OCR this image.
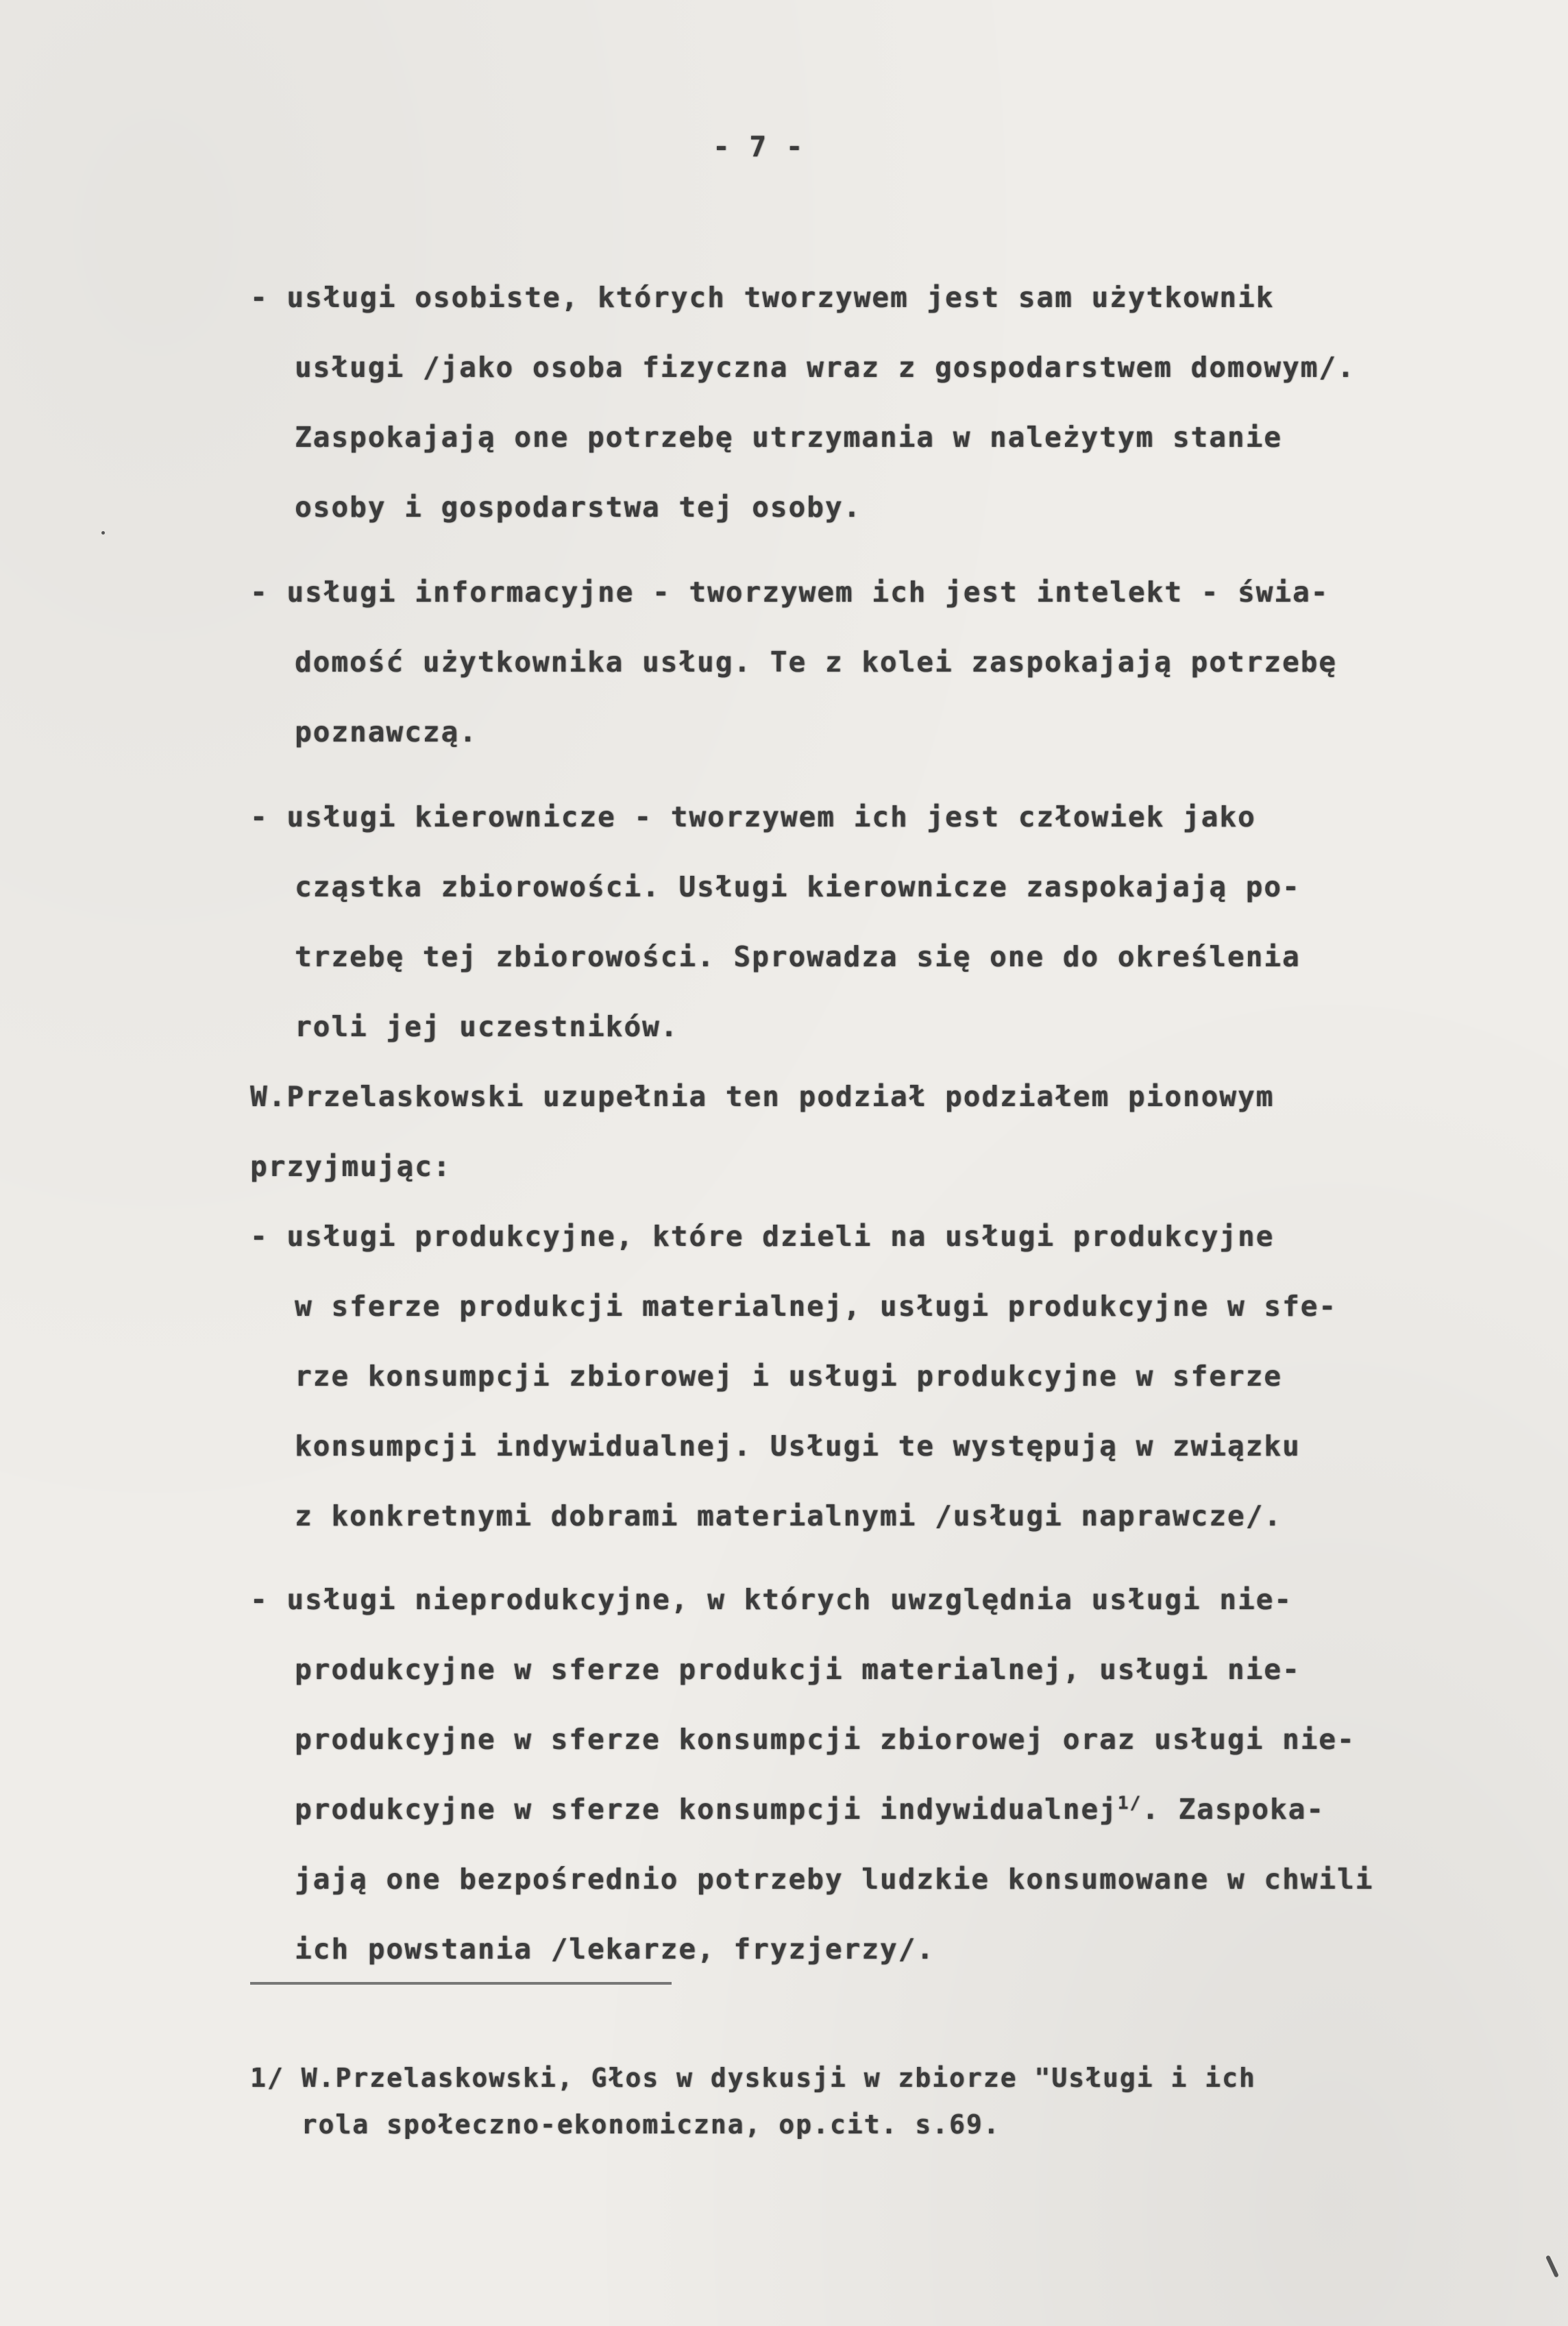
- 7 -
- usługi osobiste, których tworzywem jest sam użytkownik
usługi /jako osoba fizyczna wraz z gospodarstwem domowym/.
Zaspokajają one potrzebę utrzymania w należytym stanie
osoby i gospodarstwa tej osoby.
- usługi informacyjne - tworzywem ich jest intelekt - świa-
domość użytkownika usług. Te z kolei zaspokajają potrzebę
poznawczą.
- usługi kierownicze - tworzywem ich jest człowiek jako
cząstka zbiorowości. Usługi kierownicze zaspokajają po-
trzebę tej zbiorowości. Sprowadza się one do określenia
roli jej uczestników.
W.Przelaskowski uzupełnia ten podział podziałem pionowym
przyjmując:
- usługi produkcyjne, które dzieli na usługi produkcyjne
w sferze produkcji materialnej, usługi produkcyjne w sfe-
rze konsumpcji zbiorowej i usługi produkcyjne w sferze
konsumpcji indywidualnej. Usługi te występują w związku
z konkretnymi dobrami materialnymi /usługi naprawcze/.
- usługi nieprodukcyjne, w których uwzględnia usługi nie-
produkcyjne w sferze produkcji materialnej, usługi nie-
produkcyjne w sferze konsumpcji zbiorowej oraz usługi nie-
produkcyjne w sferze konsumpcji indywidualnej$^{1/}$. Zaspoka-
jają one bezpośrednio potrzeby ludzkie konsumowane w chwili
ich powstania /lekarze, fryzjerzy/.
1/ W.Przelaskowski, Głos w dyskusji w zbiorze "Usługi i ich
rola społeczno-ekonomiczna, op.cit. s.69.
